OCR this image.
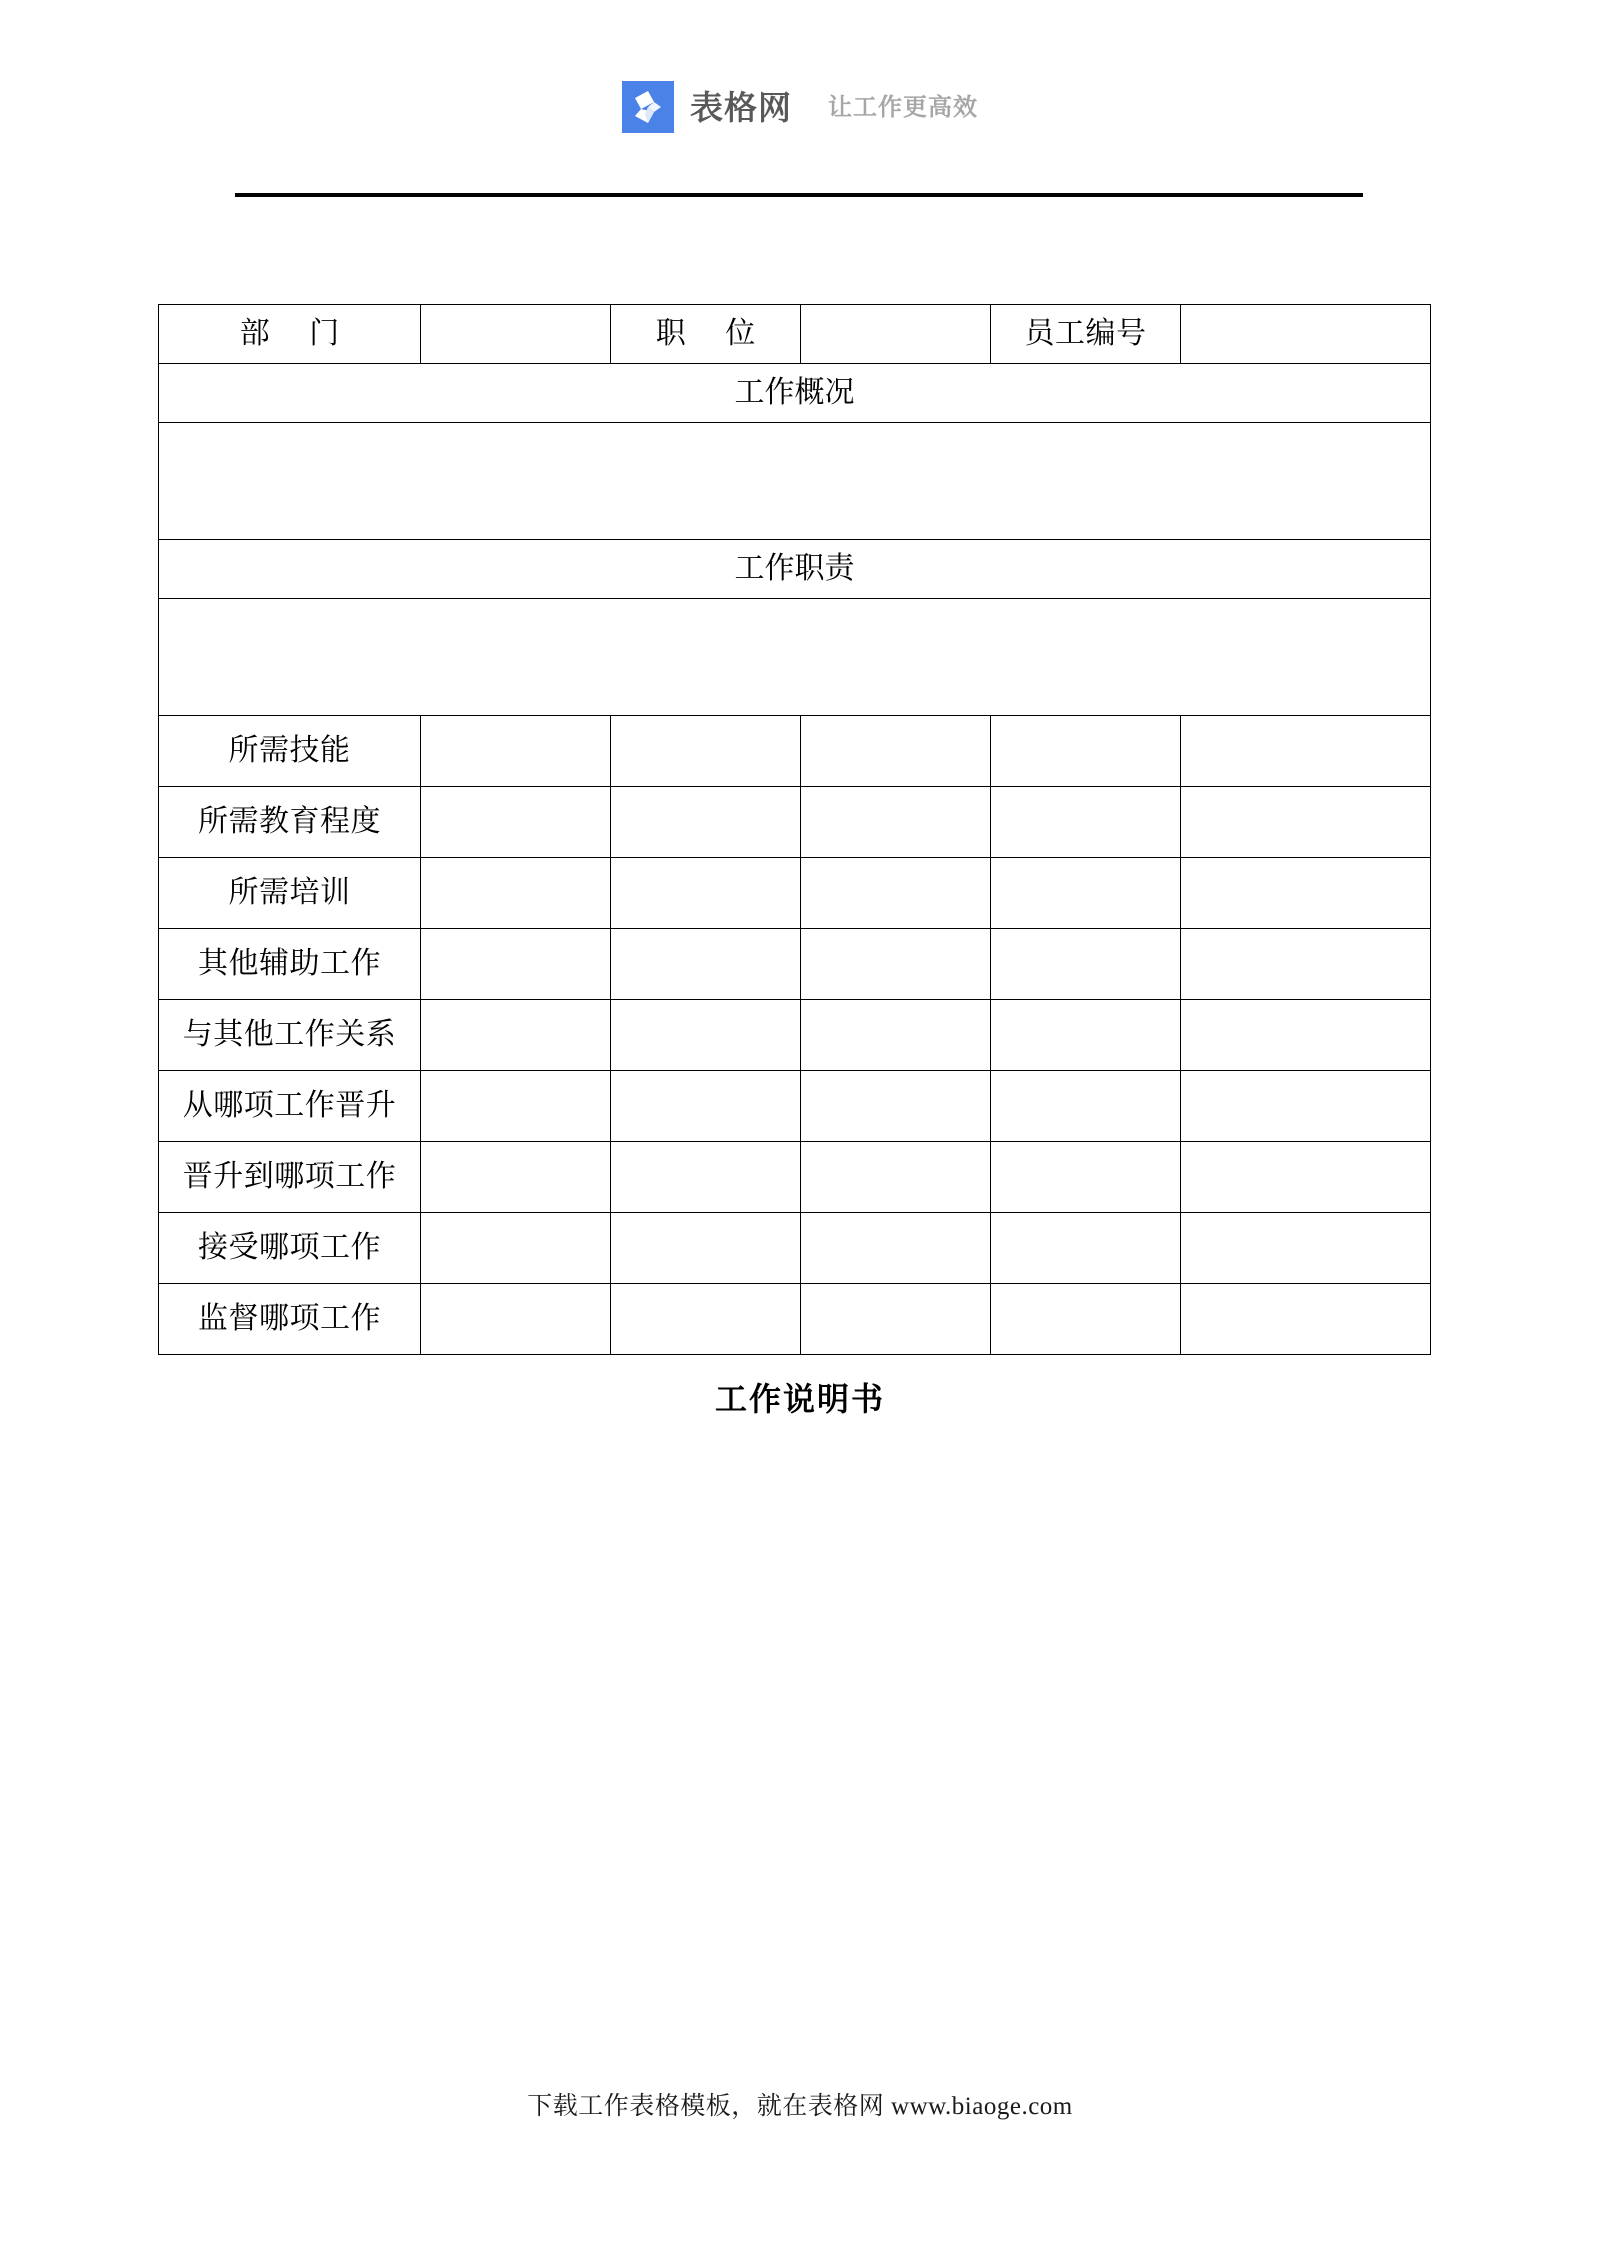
表格网 让工作更高效
部 门		职 位		员工编号	
工作概况					

工作职责					

所需技能					
所需教育程度					
所需培训					
其他辅助工作					
与其他工作关系					
从哪项工作晋升					
晋升到哪项工作					
接受哪项工作					
监督哪项工作					
工作说明书
下载工作表格模板，就在表格网 www.biaoge.com
